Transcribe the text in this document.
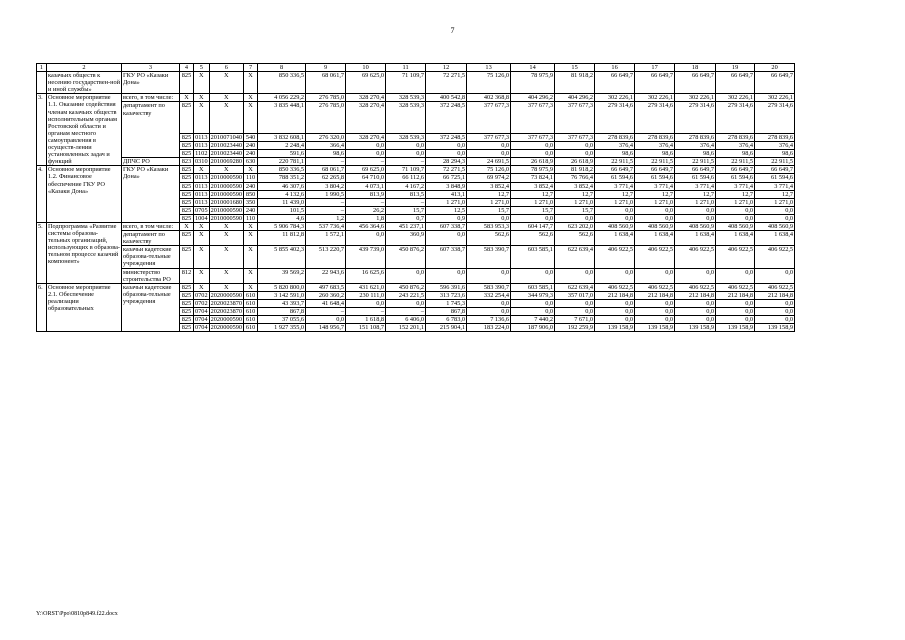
7
1	2	3	4	5	6	7	8	9	10	11	12	13	14	15	16	17	18	19	20
	казачьих обществ к несению государствен-ной и иной службы»	ГКУ РО «Казаки Дона»	825	Х	Х	Х	850 336,5	68 061,7	69 625,0	71 109,7	72 271,5	75 126,0	78 975,9	81 918,2	66 649,7	66 649,7	66 649,7	66 649,7	66 649,7
3.	Основное мероприятие 1.1. Оказание содействия членам казачьих обществ исполнительным органам Ростовской области и органам местного самоуправления в осуществ-лении установленных задач и функций	всего, в том числе:	Х	Х	Х	Х	4 056 229,2	276 785,0	328 270,4	328 539,3	400 542,8	402 368,8	404 296,2	404 296,2	302 226,1	302 226,1	302 226,1	302 226,1	302 226,1
		департамент по казачеству	825	Х	Х	Х	3 835 448,1	276 785,0	328 270,4	328 539,3	372 248,5	377 677,3	377 677,3	377 677,3	279 314,6	279 314,6	279 314,6	279 314,6	279 314,6
			825	0113	2010071040	540	3 832 608,1	276 320,0	328 270,4	328 539,3	372 248,5	377 677,3	377 677,3	377 677,3	278 839,6	278 839,6	278 839,6	278 839,6	278 839,6
			825	0113	2010023440	240	2 248,4	366,4	0,0	0,0	0,0	0,0	0,0	0,0	376,4	376,4	376,4	376,4	376,4
			825	1102	2010023440	240	591,6	98,6	0,0	0,0	0,0	0,0	0,0	0,0	98,6	98,6	98,6	98,6	98,6
		ДПЧС РО	823	0310	2010069280	630	220 781,1	–	–	–	28 294,3	24 691,5	26 618,9	26 618,9	22 911,5	22 911,5	22 911,5	22 911,5	22 911,5
4.	Основное мероприятие 1.2. Финансовое обеспечение ГКУ РО «Казаки Дона»	ГКУ РО «Казаки Дона»	825	Х	Х	Х	850 336,5	68 061,7	69 625,0	71 109,7	72 271,5	75 126,0	78 975,9	81 918,2	66 649,7	66 649,7	66 649,7	66 649,7	66 649,7
			825	0113	2010000590	110	788 351,2	62 265,8	64 710,0	66 112,6	66 725,1	69 974,2	73 824,1	76 766,4	61 594,6	61 594,6	61 594,6	61 594,6	61 594,6
			825	0113	2010000590	240	46 307,6	3 804,2	4 073,1	4 167,2	3 848,9	3 852,4	3 852,4	3 852,4	3 771,4	3 771,4	3 771,4	3 771,4	3 771,4
			825	0113	2010000590	850	4 132,6	1 990,5	813,9	813,5	413,1	12,7	12,7	12,7	12,7	12,7	12,7	12,7	12,7
			825	0113	2010001680	350	11 439,0	–	–	–	1 271,0	1 271,0	1 271,0	1 271,0	1 271,0	1 271,0	1 271,0	1 271,0	1 271,0
			825	0705	2010000590	240	101,5	–	26,2	15,7	12,5	15,7	15,7	15,7	0,0	0,0	0,0	0,0	0,0
			825	1004	2010000590	110	4,6	1,2	1,8	0,7	0,9	0,0	0,0	0,0	0,0	0,0	0,0	0,0	0,0
5.	Подпрограмма «Развитие системы образова-тельных организаций, использующих в образова-тельном процессе казачий компонент»	всего, в том числе:	Х	Х	Х	Х	5 906 784,3	537 736,4	456 364,6	451 237,1	607 338,7	583 953,3	604 147,7	623 202,0	408 560,9	408 560,9	408 560,9	408 560,9	408 560,9
		департамент по казачеству	825	Х	Х	Х	11 812,8	1 572,1	0,0	360,9	0,0	562,6	562,6	562,6	1 638,4	1 638,4	1 638,4	1 638,4	1 638,4
		казачьи кадетские образова-тельные учреждения	825	Х	Х	Х	5 855 402,3	513 220,7	439 739,0	450 876,2	607 338,7	583 390,7	603 585,1	622 639,4	406 922,5	406 922,5	406 922,5	406 922,5	406 922,5
		министерство строительства РО	812	Х	Х	Х	39 569,2	22 943,6	16 625,6	0,0	0,0	0,0	0,0	0,0	0,0	0,0	0,0	0,0	0,0
6.	Основное мероприятие 2.1. Обеспечение реализации образовательных	казачьи кадетские образова-тельные учреждения	825	Х	Х	Х	5 820 800,0	497 683,5	431 621,0	450 876,2	596 391,6	583 390,7	603 585,1	622 639,4	406 922,5	406 922,5	406 922,5	406 922,5	406 922,5
			825	0702	2020000590	610	3 142 591,0	260 360,2	230 111,0	243 221,5	313 723,6	332 254,4	344 979,3	357 017,0	212 184,8	212 184,8	212 184,8	212 184,8	212 184,8
			825	0702	2020023870	610	43 393,7	41 648,4	0,0	0,0	1 745,3	0,0	0,0	0,0	0,0	0,0	0,0	0,0	0,0
			825	0704	2020023870	610	867,8	–	–	–	867,8	0,0	0,0	0,0	0,0	0,0	0,0	0,0	0,0
			825	0704	2020000590	610	37 055,6	0,0	1 618,8	6 406,0	6 783,0	7 136,6	7 440,2	7 671,0	0,0	0,0	0,0	0,0	0,0
			825	0704	2020000590	610	1 927 355,0	148 956,7	151 108,7	152 201,1	215 904,1	183 224,0	187 906,0	192 259,9	139 158,9	139 158,9	139 158,9	139 158,9	139 158,9
Y:\ORST\Ppo\0810p849.f22.docx
